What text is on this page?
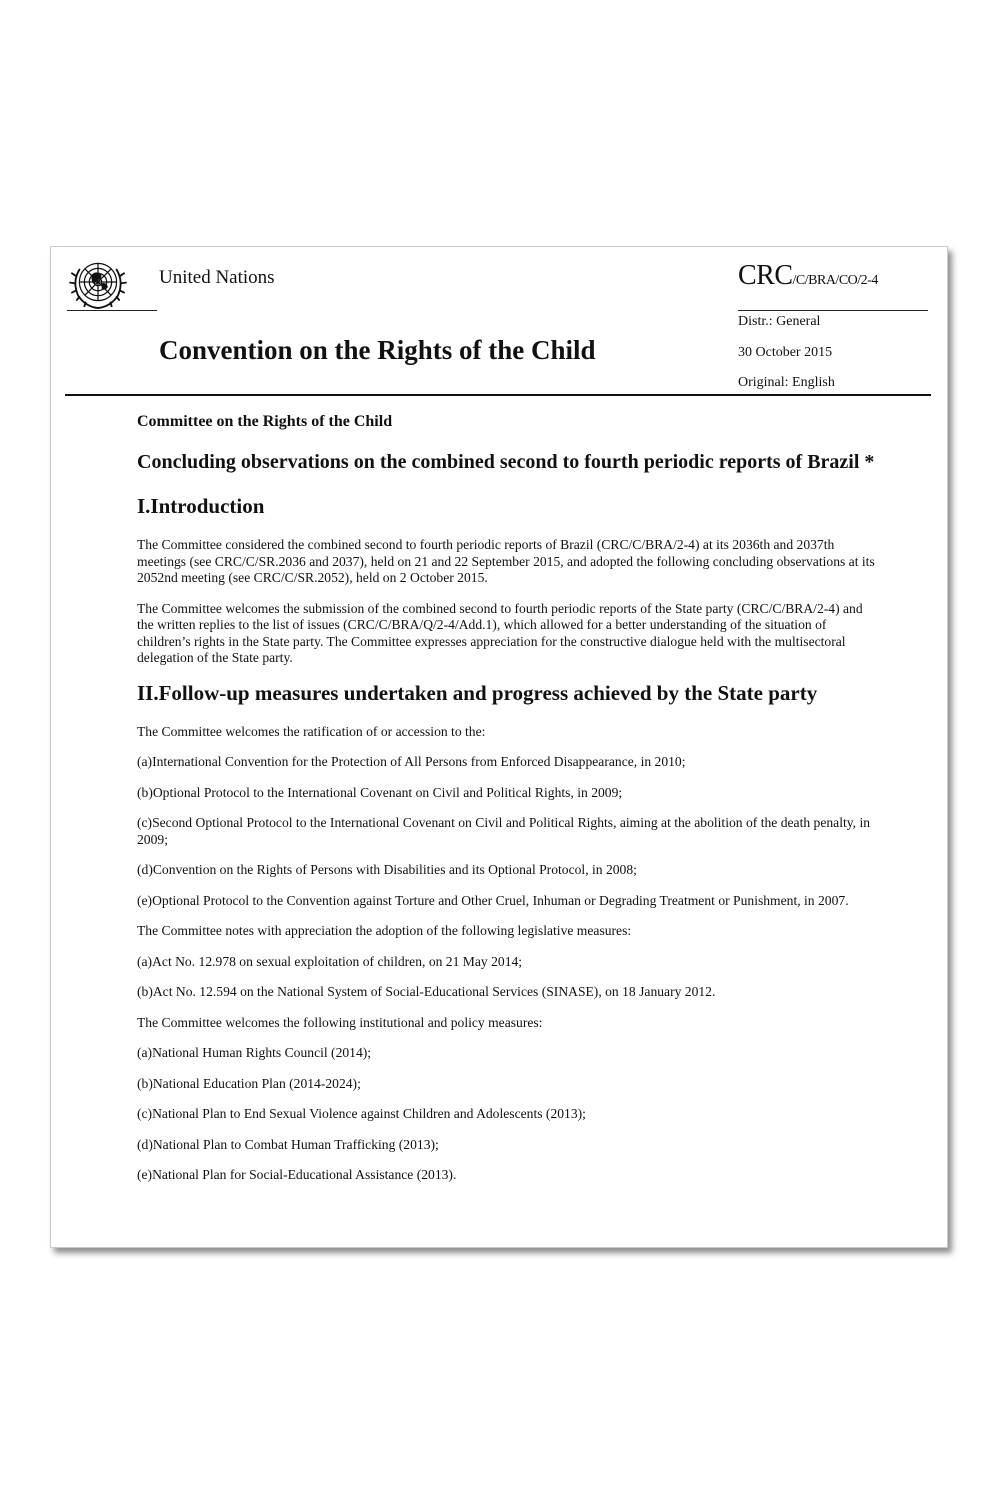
United Nations	CRC/C/BRA/CO/2-4
Distr.: General
Convention on the Rights of the Child	30 October 2015
Original: English

Committee on the Rights of the Child

Concluding observations on the combined second to fourth periodic reports of Brazil *

I.Introduction

The Committee considered the combined second to fourth periodic reports of Brazil (CRC/C/BRA/2-4) at its 2036th and 2037th meetings (see CRC/C/SR.2036 and 2037), held on 21 and 22 September 2015, and adopted the following concluding observations at its 2052nd meeting (see CRC/C/SR.2052), held on 2 October 2015.

The Committee welcomes the submission of the combined second to fourth periodic reports of the State party (CRC/C/BRA/2-4) and the written replies to the list of issues (CRC/C/BRA/Q/2-4/Add.1), which allowed for a better understanding of the situation of children’s rights in the State party. The Committee expresses appreciation for the constructive dialogue held with the multisectoral delegation of the State party.

II.Follow-up measures undertaken and progress achieved by the State party

The Committee welcomes the ratification of or accession to the:

(a)International Convention for the Protection of All Persons from Enforced Disappearance, in 2010;

(b)Optional Protocol to the International Covenant on Civil and Political Rights, in 2009;

(c)Second Optional Protocol to the International Covenant on Civil and Political Rights, aiming at the abolition of the death penalty, in 2009;

(d)Convention on the Rights of Persons with Disabilities and its Optional Protocol, in 2008;

(e)Optional Protocol to the Convention against Torture and Other Cruel, Inhuman or Degrading Treatment or Punishment, in 2007.

The Committee notes with appreciation the adoption of the following legislative measures:

(a)Act No. 12.978 on sexual exploitation of children, on 21 May 2014;

(b)Act No. 12.594 on the National System of Social-Educational Services (SINASE), on 18 January 2012.

The Committee welcomes the following institutional and policy measures:

(a)National Human Rights Council (2014);

(b)National Education Plan (2014-2024);

(c)National Plan to End Sexual Violence against Children and Adolescents (2013);

(d)National Plan to Combat Human Trafficking (2013);

(e)National Plan for Social-Educational Assistance (2013).
